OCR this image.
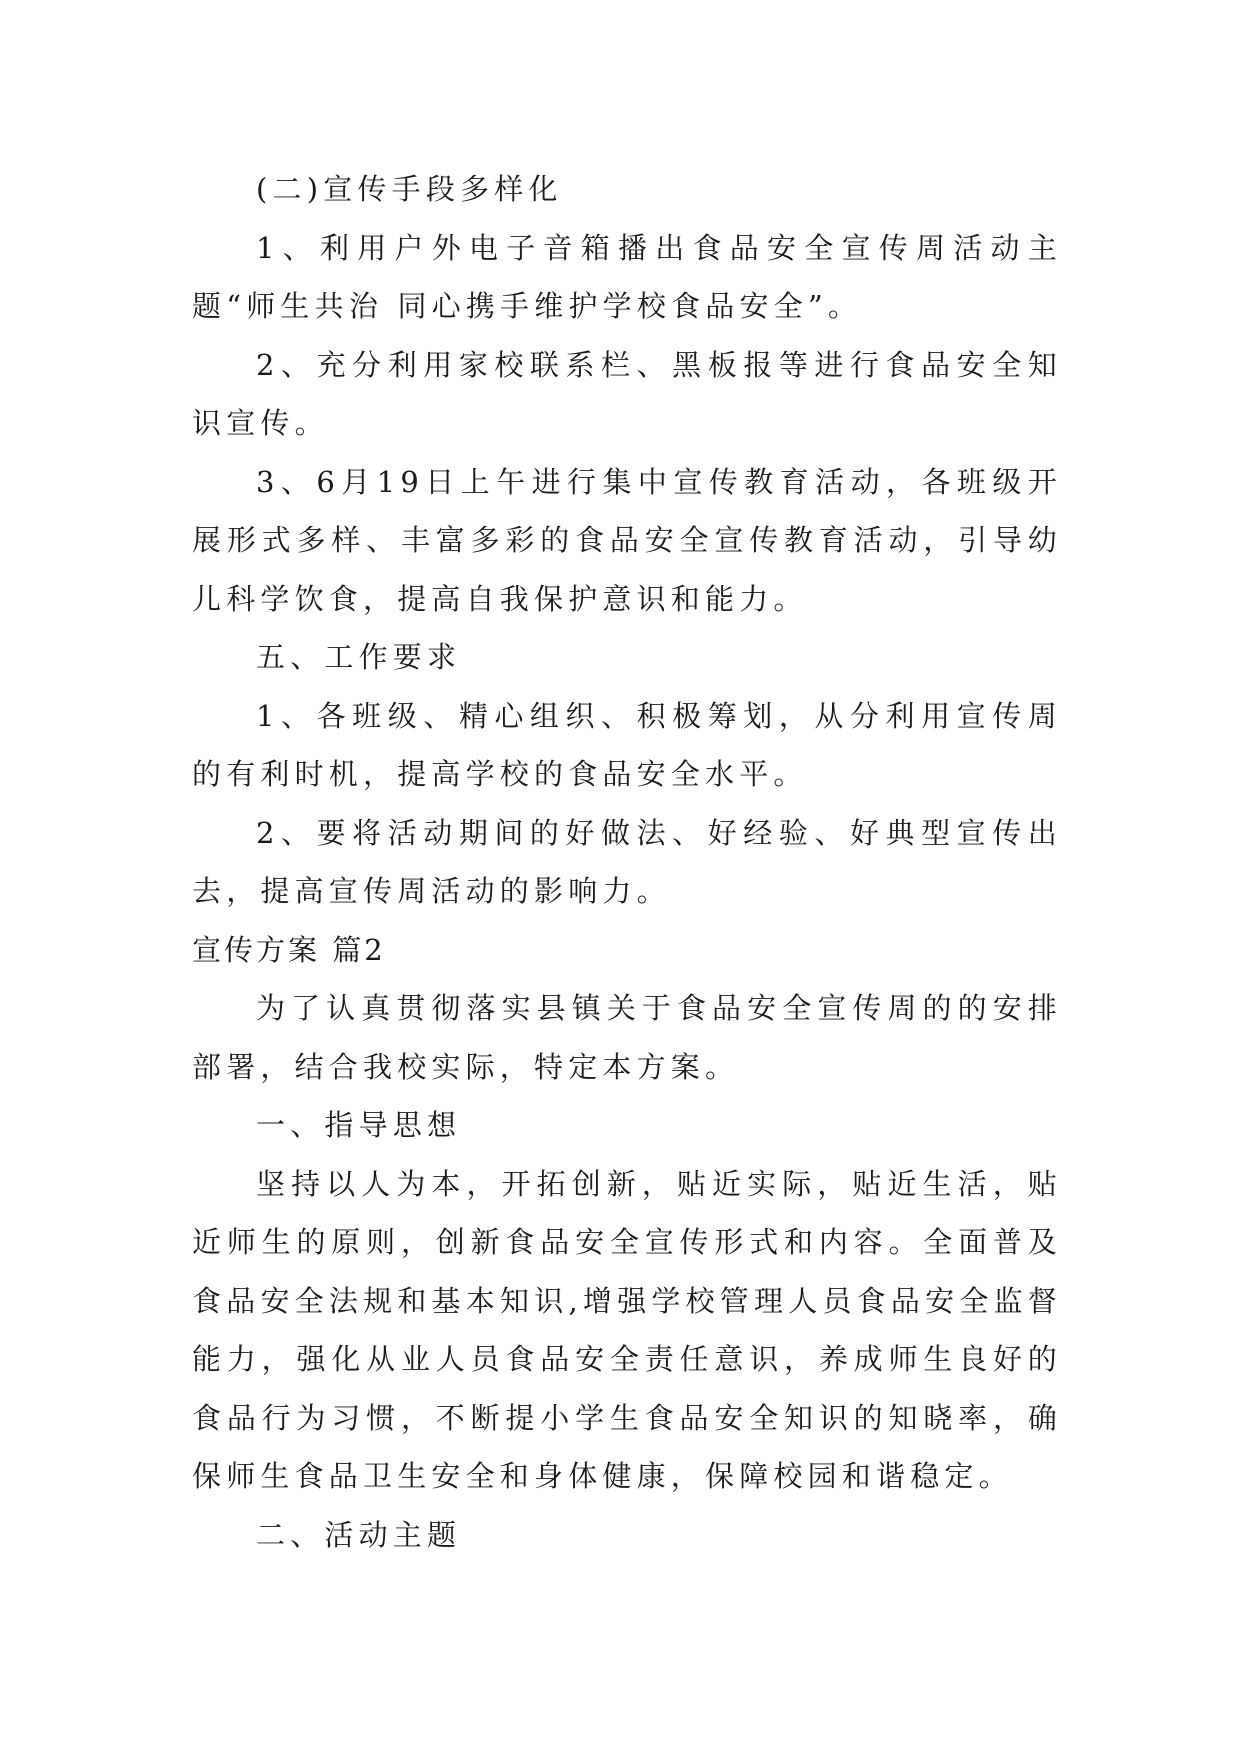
(二)宣传手段多样化

1、利用户外电子音箱播出食品安全宣传周活动主题“师生共治 同心携手维护学校食品安全”。

2、充分利用家校联系栏、黑板报等进行食品安全知识宣传。

3、6月19日上午进行集中宣传教育活动，各班级开展形式多样、丰富多彩的食品安全宣传教育活动，引导幼儿科学饮食，提高自我保护意识和能力。

五、工作要求

1、各班级、精心组织、积极筹划，从分利用宣传周的有利时机，提高学校的食品安全水平。

2、要将活动期间的好做法、好经验、好典型宣传出去，提高宣传周活动的影响力。

宣传方案 篇2

为了认真贯彻落实县镇关于食品安全宣传周的的安排部署，结合我校实际，特定本方案。

一、指导思想

坚持以人为本，开拓创新，贴近实际，贴近生活，贴近师生的原则，创新食品安全宣传形式和内容。全面普及食品安全法规和基本知识,增强学校管理人员食品安全监督能力，强化从业人员食品安全责任意识，养成师生良好的食品行为习惯，不断提小学生食品安全知识的知晓率，确保师生食品卫生安全和身体健康，保障校园和谐稳定。

二、活动主题
